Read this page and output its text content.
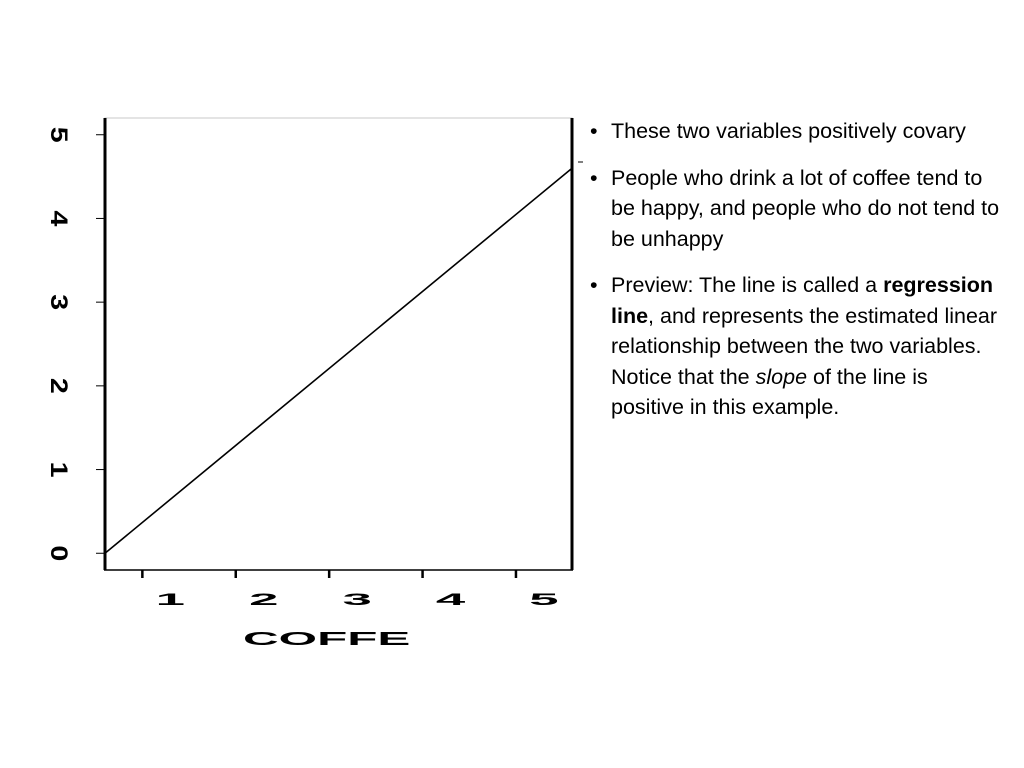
0
1
2
3
4
5
1	2	3	4	5
COFFE
• These two variables positively covary
• People who drink a lot of coffee tend to be happy, and people who do not tend to be unhappy
• Preview: The line is called a regression line, and represents the estimated linear relationship between the two variables. Notice that the slope of the line is positive in this example.
